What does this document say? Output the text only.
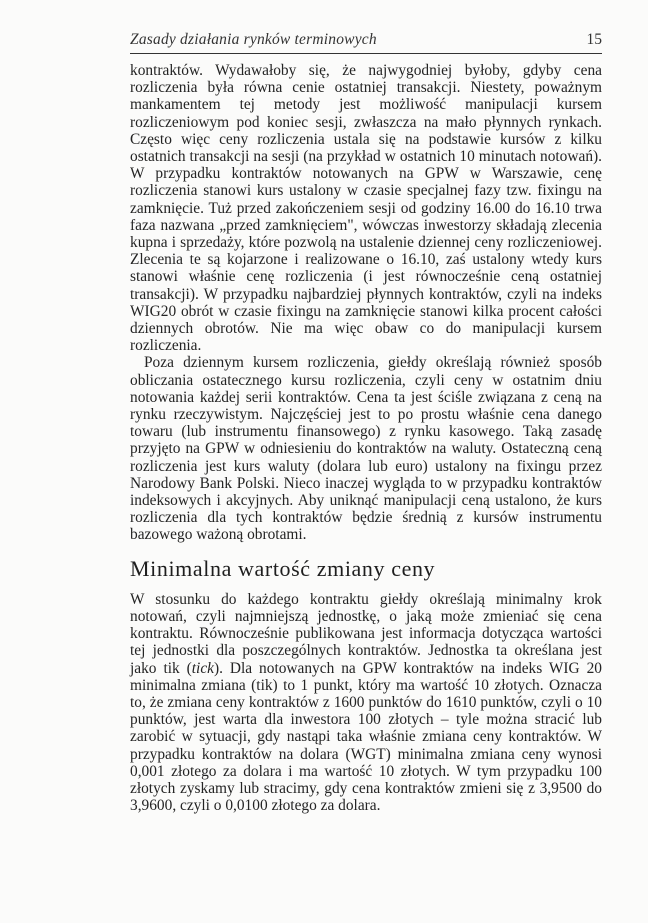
Zasady działania rynków terminowych	15

kontraktów. Wydawałoby się, że najwygodniej byłoby, gdyby cena rozliczenia była równa cenie ostatniej transakcji. Niestety, poważnym mankamentem tej metody jest możliwość manipulacji kursem rozliczeniowym pod koniec sesji, zwłaszcza na mało płynnych rynkach. Często więc ceny rozliczenia ustala się na podstawie kursów z kilku ostatnich transakcji na sesji (na przykład w ostatnich 10 minutach notowań). W przypadku kontraktów notowanych na GPW w Warszawie, cenę rozliczenia stanowi kurs ustalony w czasie specjalnej fazy tzw. fixingu na zamknięcie. Tuż przed zakończeniem sesji od godziny 16.00 do 16.10 trwa faza nazwana „przed zamknięciem", wówczas inwestorzy składają zlecenia kupna i sprzedaży, które pozwolą na ustalenie dziennej ceny rozliczeniowej. Zlecenia te są kojarzone i realizowane o 16.10, zaś ustalony wtedy kurs stanowi właśnie cenę rozliczenia (i jest równocześnie ceną ostatniej transakcji). W przypadku najbardziej płynnych kontraktów, czyli na indeks WIG20 obrót w czasie fixingu na zamknięcie stanowi kilka procent całości dziennych obrotów. Nie ma więc obaw co do manipulacji kursem rozliczenia.

Poza dziennym kursem rozliczenia, giełdy określają również sposób obliczania ostatecznego kursu rozliczenia, czyli ceny w ostatnim dniu notowania każdej serii kontraktów. Cena ta jest ściśle związana z ceną na rynku rzeczywistym. Najczęściej jest to po prostu właśnie cena danego towaru (lub instrumentu finansowego) z rynku kasowego. Taką zasadę przyjęto na GPW w odniesieniu do kontraktów na waluty. Ostateczną ceną rozliczenia jest kurs waluty (dolara lub euro) ustalony na fixingu przez Narodowy Bank Polski. Nieco inaczej wygląda to w przypadku kontraktów indeksowych i akcyjnych. Aby uniknąć manipulacji ceną ustalono, że kurs rozliczenia dla tych kontraktów będzie średnią z kursów instrumentu bazowego ważoną obrotami.

Minimalna wartość zmiany ceny

W stosunku do każdego kontraktu giełdy określają minimalny krok notowań, czyli najmniejszą jednostkę, o jaką może zmieniać się cena kontraktu. Równocześnie publikowana jest informacja dotycząca wartości tej jednostki dla poszczególnych kontraktów. Jednostka ta określana jest jako tik (tick). Dla notowanych na GPW kontraktów na indeks WIG 20 minimalna zmiana (tik) to 1 punkt, który ma wartość 10 złotych. Oznacza to, że zmiana ceny kontraktów z 1600 punktów do 1610 punktów, czyli o 10 punktów, jest warta dla inwestora 100 złotych – tyle można stracić lub zarobić w sytuacji, gdy nastąpi taka właśnie zmiana ceny kontraktów. W przypadku kontraktów na dolara (WGT) minimalna zmiana ceny wynosi 0,001 złotego za dolara i ma wartość 10 złotych. W tym przypadku 100 złotych zyskamy lub stracimy, gdy cena kontraktów zmieni się z 3,9500 do 3,9600, czyli o 0,0100 złotego za dolara.
